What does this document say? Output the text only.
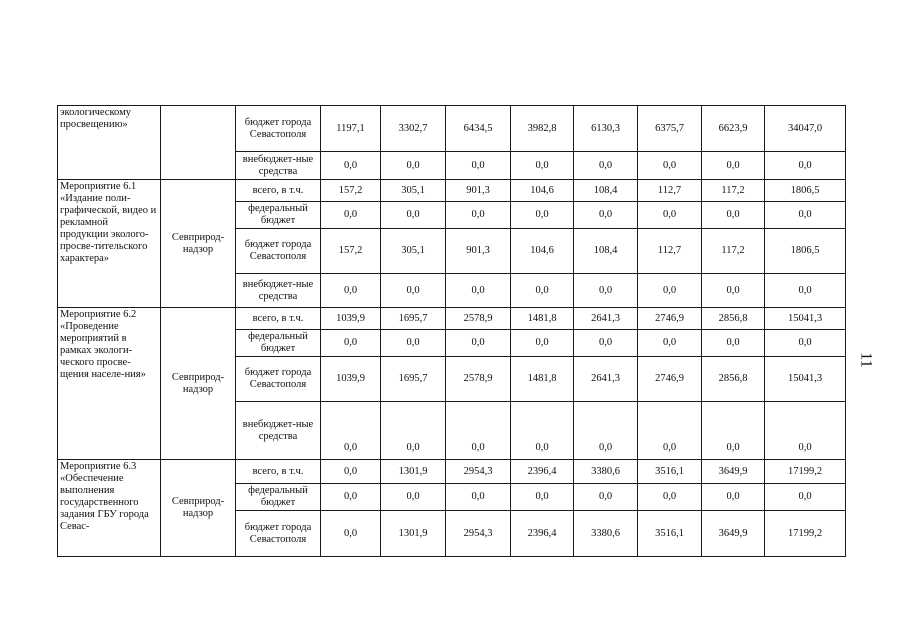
экологическому просвещению»		бюджет города Севастополя	1197,1	3302,7	6434,5	3982,8	6130,3	6375,7	6623,9	34047,0
		внебюджет-ные средства	0,0	0,0	0,0	0,0	0,0	0,0	0,0	0,0
Мероприятие 6.1 «Издание поли-графической, видео и рекламной продукции эколого-просве-тительского характера»	Севприрод-надзор	всего, в т.ч.	157,2	305,1	901,3	104,6	108,4	112,7	117,2	1806,5
		федеральный бюджет	0,0	0,0	0,0	0,0	0,0	0,0	0,0	0,0
		бюджет города Севастополя	157,2	305,1	901,3	104,6	108,4	112,7	117,2	1806,5
		внебюджет-ные средства	0,0	0,0	0,0	0,0	0,0	0,0	0,0	0,0
Мероприятие 6.2 «Проведение мероприятий в рамках экологи-ческого просве-щения населе-ния»	Севприрод-надзор	всего, в т.ч.	1039,9	1695,7	2578,9	1481,8	2641,3	2746,9	2856,8	15041,3
		федеральный бюджет	0,0	0,0	0,0	0,0	0,0	0,0	0,0	0,0
		бюджет города Севастополя	1039,9	1695,7	2578,9	1481,8	2641,3	2746,9	2856,8	15041,3
		внебюджет-ные средства	0,0	0,0	0,0	0,0	0,0	0,0	0,0	0,0
Мероприятие 6.3 «Обеспечение выполнения государственного задания ГБУ города Севас-	Севприрод-надзор	всего, в т.ч.	0,0	1301,9	2954,3	2396,4	3380,6	3516,1	3649,9	17199,2
		федеральный бюджет	0,0	0,0	0,0	0,0	0,0	0,0	0,0	0,0
		бюджет города Севастополя	0,0	1301,9	2954,3	2396,4	3380,6	3516,1	3649,9	17199,2
11
